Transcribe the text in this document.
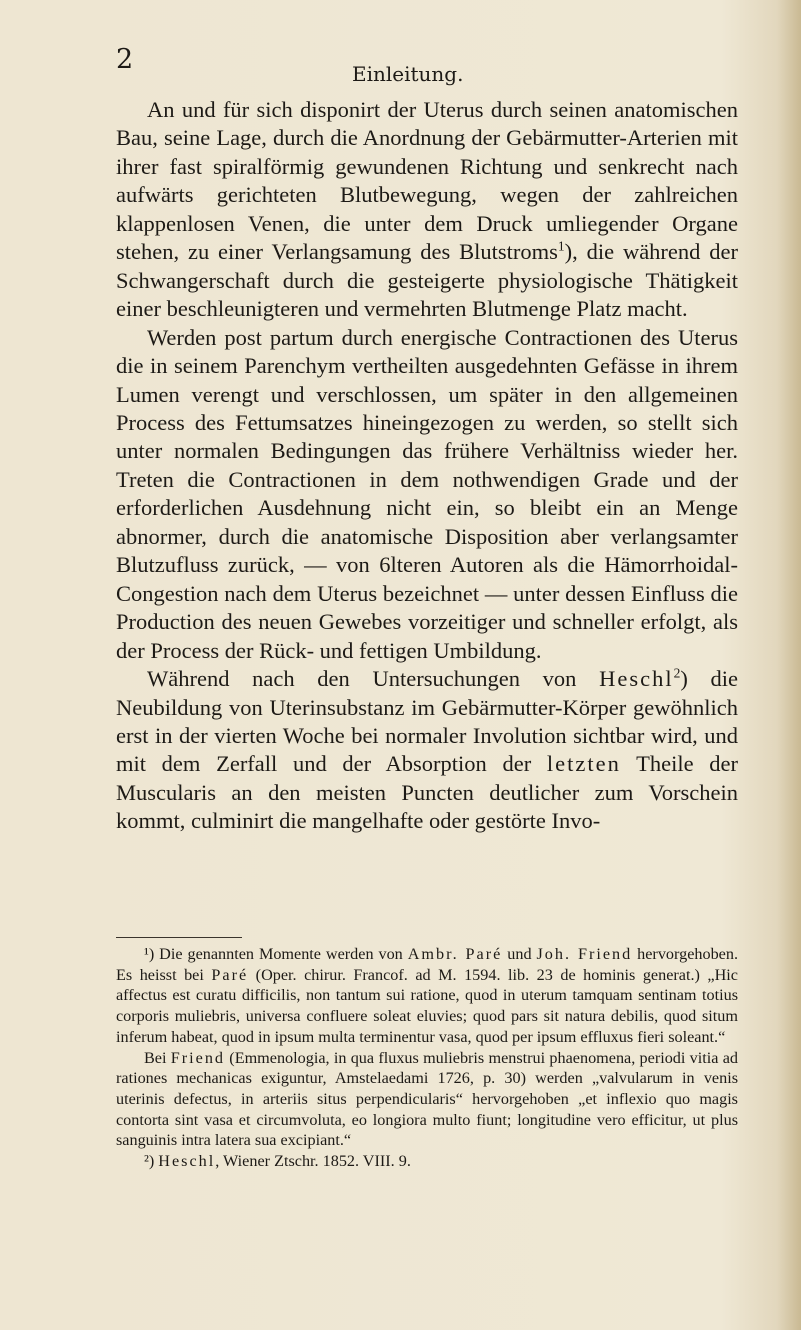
2	Einleitung.

An und für sich disponirt der Uterus durch seinen anatomischen Bau, seine Lage, durch die Anordnung der Gebärmutter-Arterien mit ihrer fast spiralförmig gewundenen Richtung und senkrecht nach aufwärts gerichteten Blutbewegung, wegen der zahlreichen klappenlosen Venen, die unter dem Druck umliegender Organe stehen, zu einer Verlangsamung des Blutstroms$^1$), die während der Schwangerschaft durch die gesteigerte physiologische Thätigkeit einer beschleunigteren und vermehrten Blutmenge Platz macht.

Werden post partum durch energische Contractionen des Uterus die in seinem Parenchym vertheilten ausgedehnten Gefässe in ihrem Lumen verengt und verschlossen, um später in den allgemeinen Process des Fettumsatzes hineingezogen zu werden, so stellt sich unter normalen Bedingungen das frühere Verhältniss wieder her. Treten die Contractionen in dem nothwendigen Grade und der erforderlichen Ausdehnung nicht ein, so bleibt ein an Menge abnormer, durch die anatomische Disposition aber verlangsamter Blutzufluss zurück, — von 6lteren Autoren als die Hämorrhoidal-Congestion nach dem Uterus bezeichnet — unter dessen Einfluss die Production des neuen Gewebes vorzeitiger und schneller erfolgt, als der Process der Rück- und fettigen Umbildung.

Während nach den Untersuchungen von Heschl$^2$) die Neubildung von Uterinsubstanz im Gebärmutter-Körper gewöhnlich erst in der vierten Woche bei normaler Involution sichtbar wird, und mit dem Zerfall und der Absorption der letzten Theile der Muscularis an den meisten Puncten deutlicher zum Vorschein kommt, culminirt die mangelhafte oder gestörte Invo-

¹) Die genannten Momente werden von Ambr. Paré und Joh. Friend hervorgehoben. Es heisst bei Paré (Oper. chirur. Francof. ad M. 1594. lib. 23 de hominis generat.) „Hic affectus est curatu difficilis, non tantum sui ratione, quod in uterum tamquam sentinam totius corporis muliebris, universa confluere soleat eluvies; quod pars sit natura debilis, quod situm inferum habeat, quod in ipsum multa terminentur vasa, quod per ipsum effluxus fieri soleant.“

Bei Friend (Emmenologia, in qua fluxus muliebris menstrui phaenomena, periodi vitia ad rationes mechanicas exiguntur, Amstelaedami 1726, p. 30) werden „valvularum in venis uterinis defectus, in arteriis situs perpendicularis“ hervorgehoben „et inflexio quo magis contorta sint vasa et circumvoluta, eo longiora multo fiunt; longitudine vero efficitur, ut plus sanguinis intra latera sua excipiant.“

²) Heschl, Wiener Ztschr. 1852. VIII. 9.
